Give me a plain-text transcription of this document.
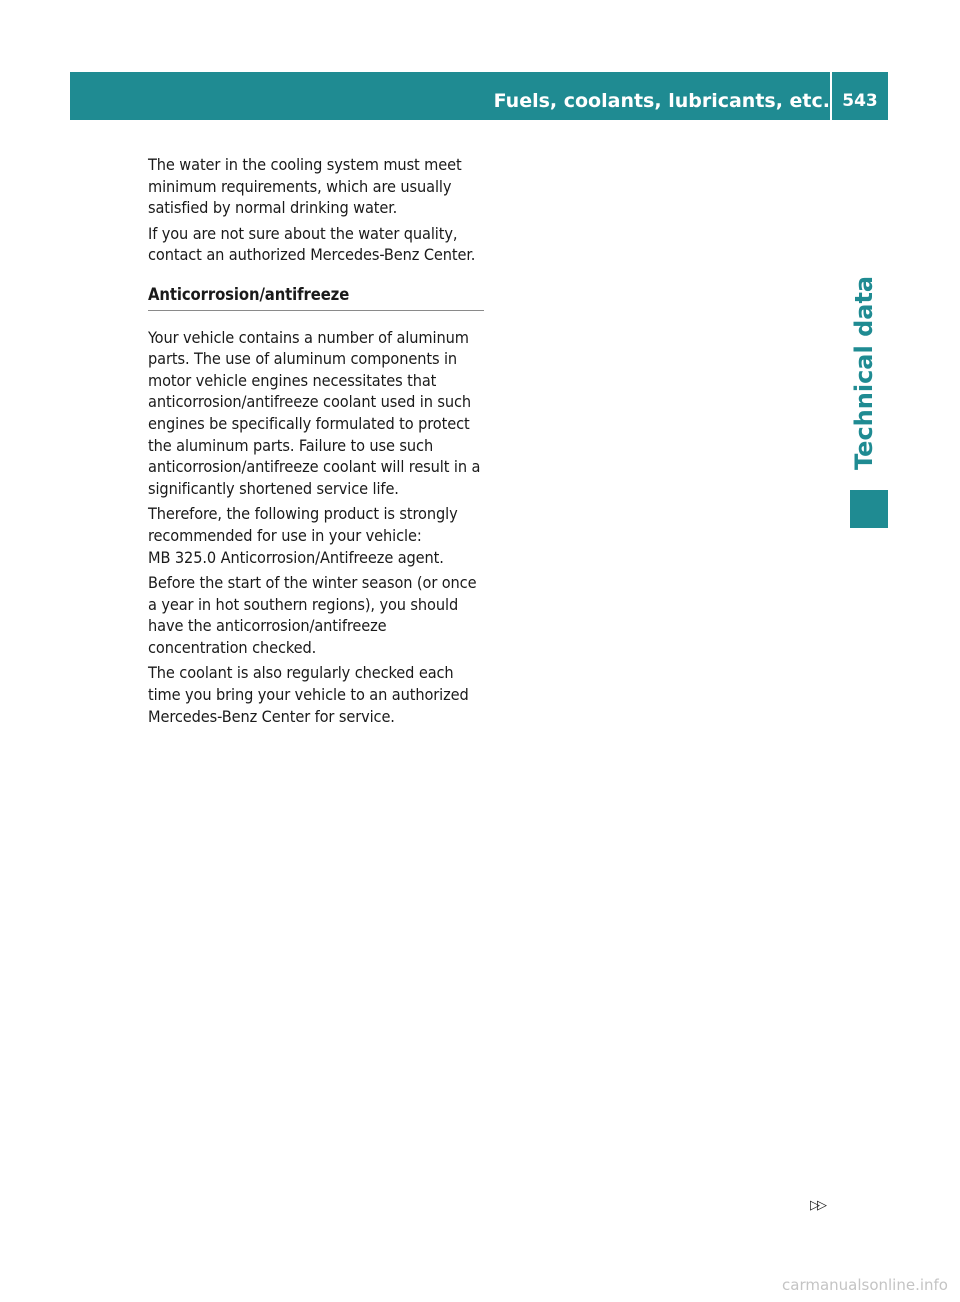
Fuels, coolants, lubricants, etc. 543
Technical data

The water in the cooling system must meet minimum requirements, which are usually satisfied by normal drinking water.

If you are not sure about the water quality, contact an authorized Mercedes-Benz Center.

Anticorrosion/antifreeze

Your vehicle contains a number of aluminum parts. The use of aluminum components in motor vehicle engines necessitates that anticorrosion/antifreeze coolant used in such engines be specifically formulated to protect the aluminum parts. Failure to use such anticorrosion/antifreeze coolant will result in a significantly shortened service life.

Therefore, the following product is strongly recommended for use in your vehicle:
MB 325.0 Anticorrosion/Antifreeze agent.

Before the start of the winter season (or once a year in hot southern regions), you should have the anticorrosion/antifreeze concentration checked.

The coolant is also regularly checked each time you bring your vehicle to an authorized Mercedes-Benz Center for service.

▷▷
carmanualsonline.info
